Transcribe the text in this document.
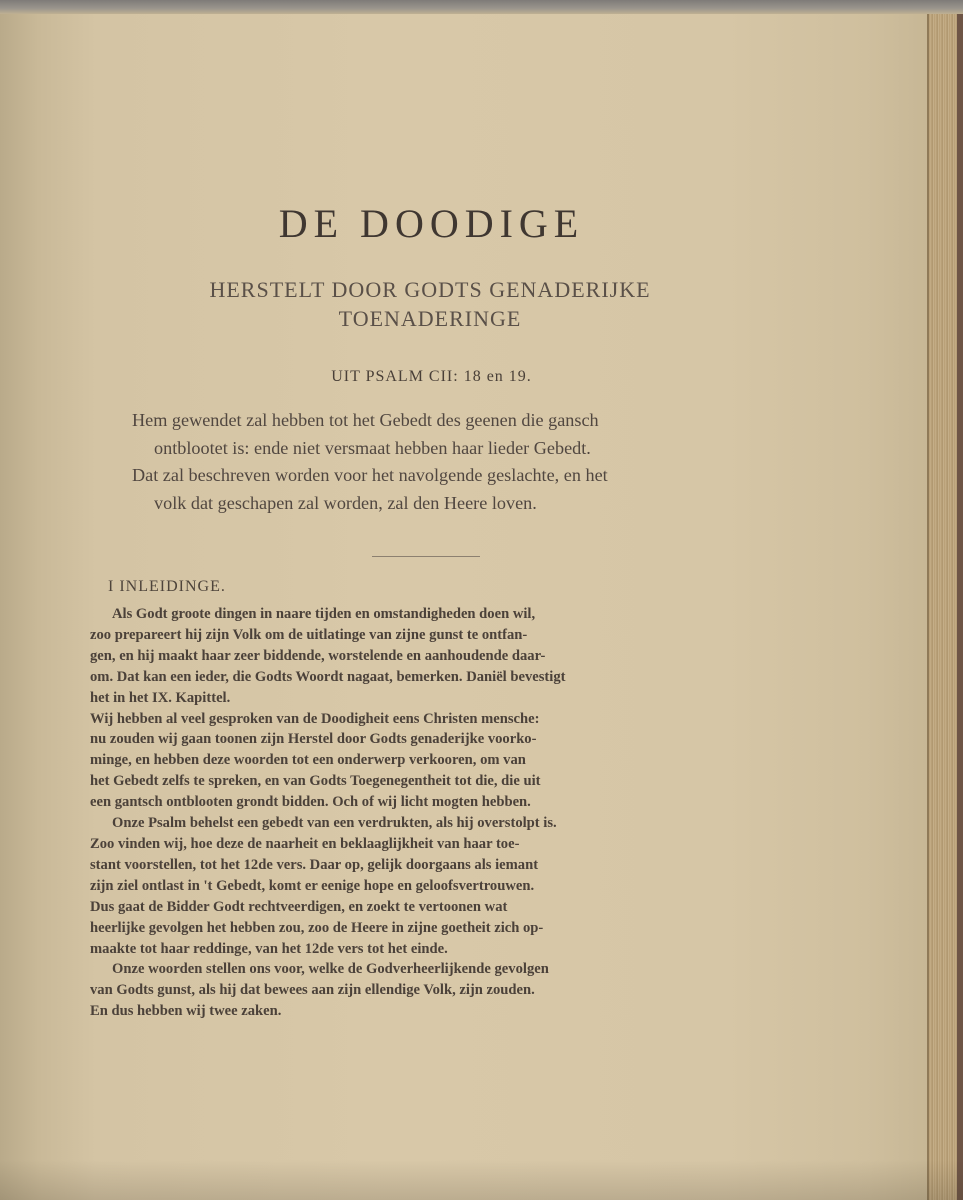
DE DOODIGE
HERSTELT DOOR GODTS GENADERIJKE
TOENADERINGE
UIT PSALM CII: 18 en 19.
Hem gewendet zal hebben tot het Gebedt des geenen die gansch
ontblootet is: ende niet versmaat hebben haar lieder Gebedt.
Dat zal beschreven worden voor het navolgende geslachte, en het
volk dat geschapen zal worden, zal den Heere loven.
I INLEIDINGE.
Als Godt groote dingen in naare tijden en omstandigheden doen wil,
zoo prepareert hij zijn Volk om de uitlatinge van zijne gunst te ontfan-
gen, en hij maakt haar zeer biddende, worstelende en aanhoudende daar-
om. Dat kan een ieder, die Godts Woordt nagaat, bemerken. Daniël bevestigt
het in het IX. Kapittel.
Wij hebben al veel gesproken van de Doodigheit eens Christen mensche:
nu zouden wij gaan toonen zijn Herstel door Godts genaderijke voorko-
minge, en hebben deze woorden tot een onderwerp verkooren, om van
het Gebedt zelfs te spreken, en van Godts Toegenegentheit tot die, die uit
een gantsch ontblooten grondt bidden. Och of wij licht mogten hebben.
Onze Psalm behelst een gebedt van een verdrukten, als hij overstolpt is.
Zoo vinden wij, hoe deze de naarheit en beklaaglijkheit van haar toe-
stant voorstellen, tot het 12de vers. Daar op, gelijk doorgaans als iemant
zijn ziel ontlast in 't Gebedt, komt er eenige hope en geloofsvertrouwen.
Dus gaat de Bidder Godt rechtveerdigen, en zoekt te vertoonen wat
heerlijke gevolgen het hebben zou, zoo de Heere in zijne goetheit zich op-
maakte tot haar reddinge, van het 12de vers tot het einde.
Onze woorden stellen ons voor, welke de Godverheerlijkende gevolgen
van Godts gunst, als hij dat bewees aan zijn ellendige Volk, zijn zouden.
En dus hebben wij twee zaken.
